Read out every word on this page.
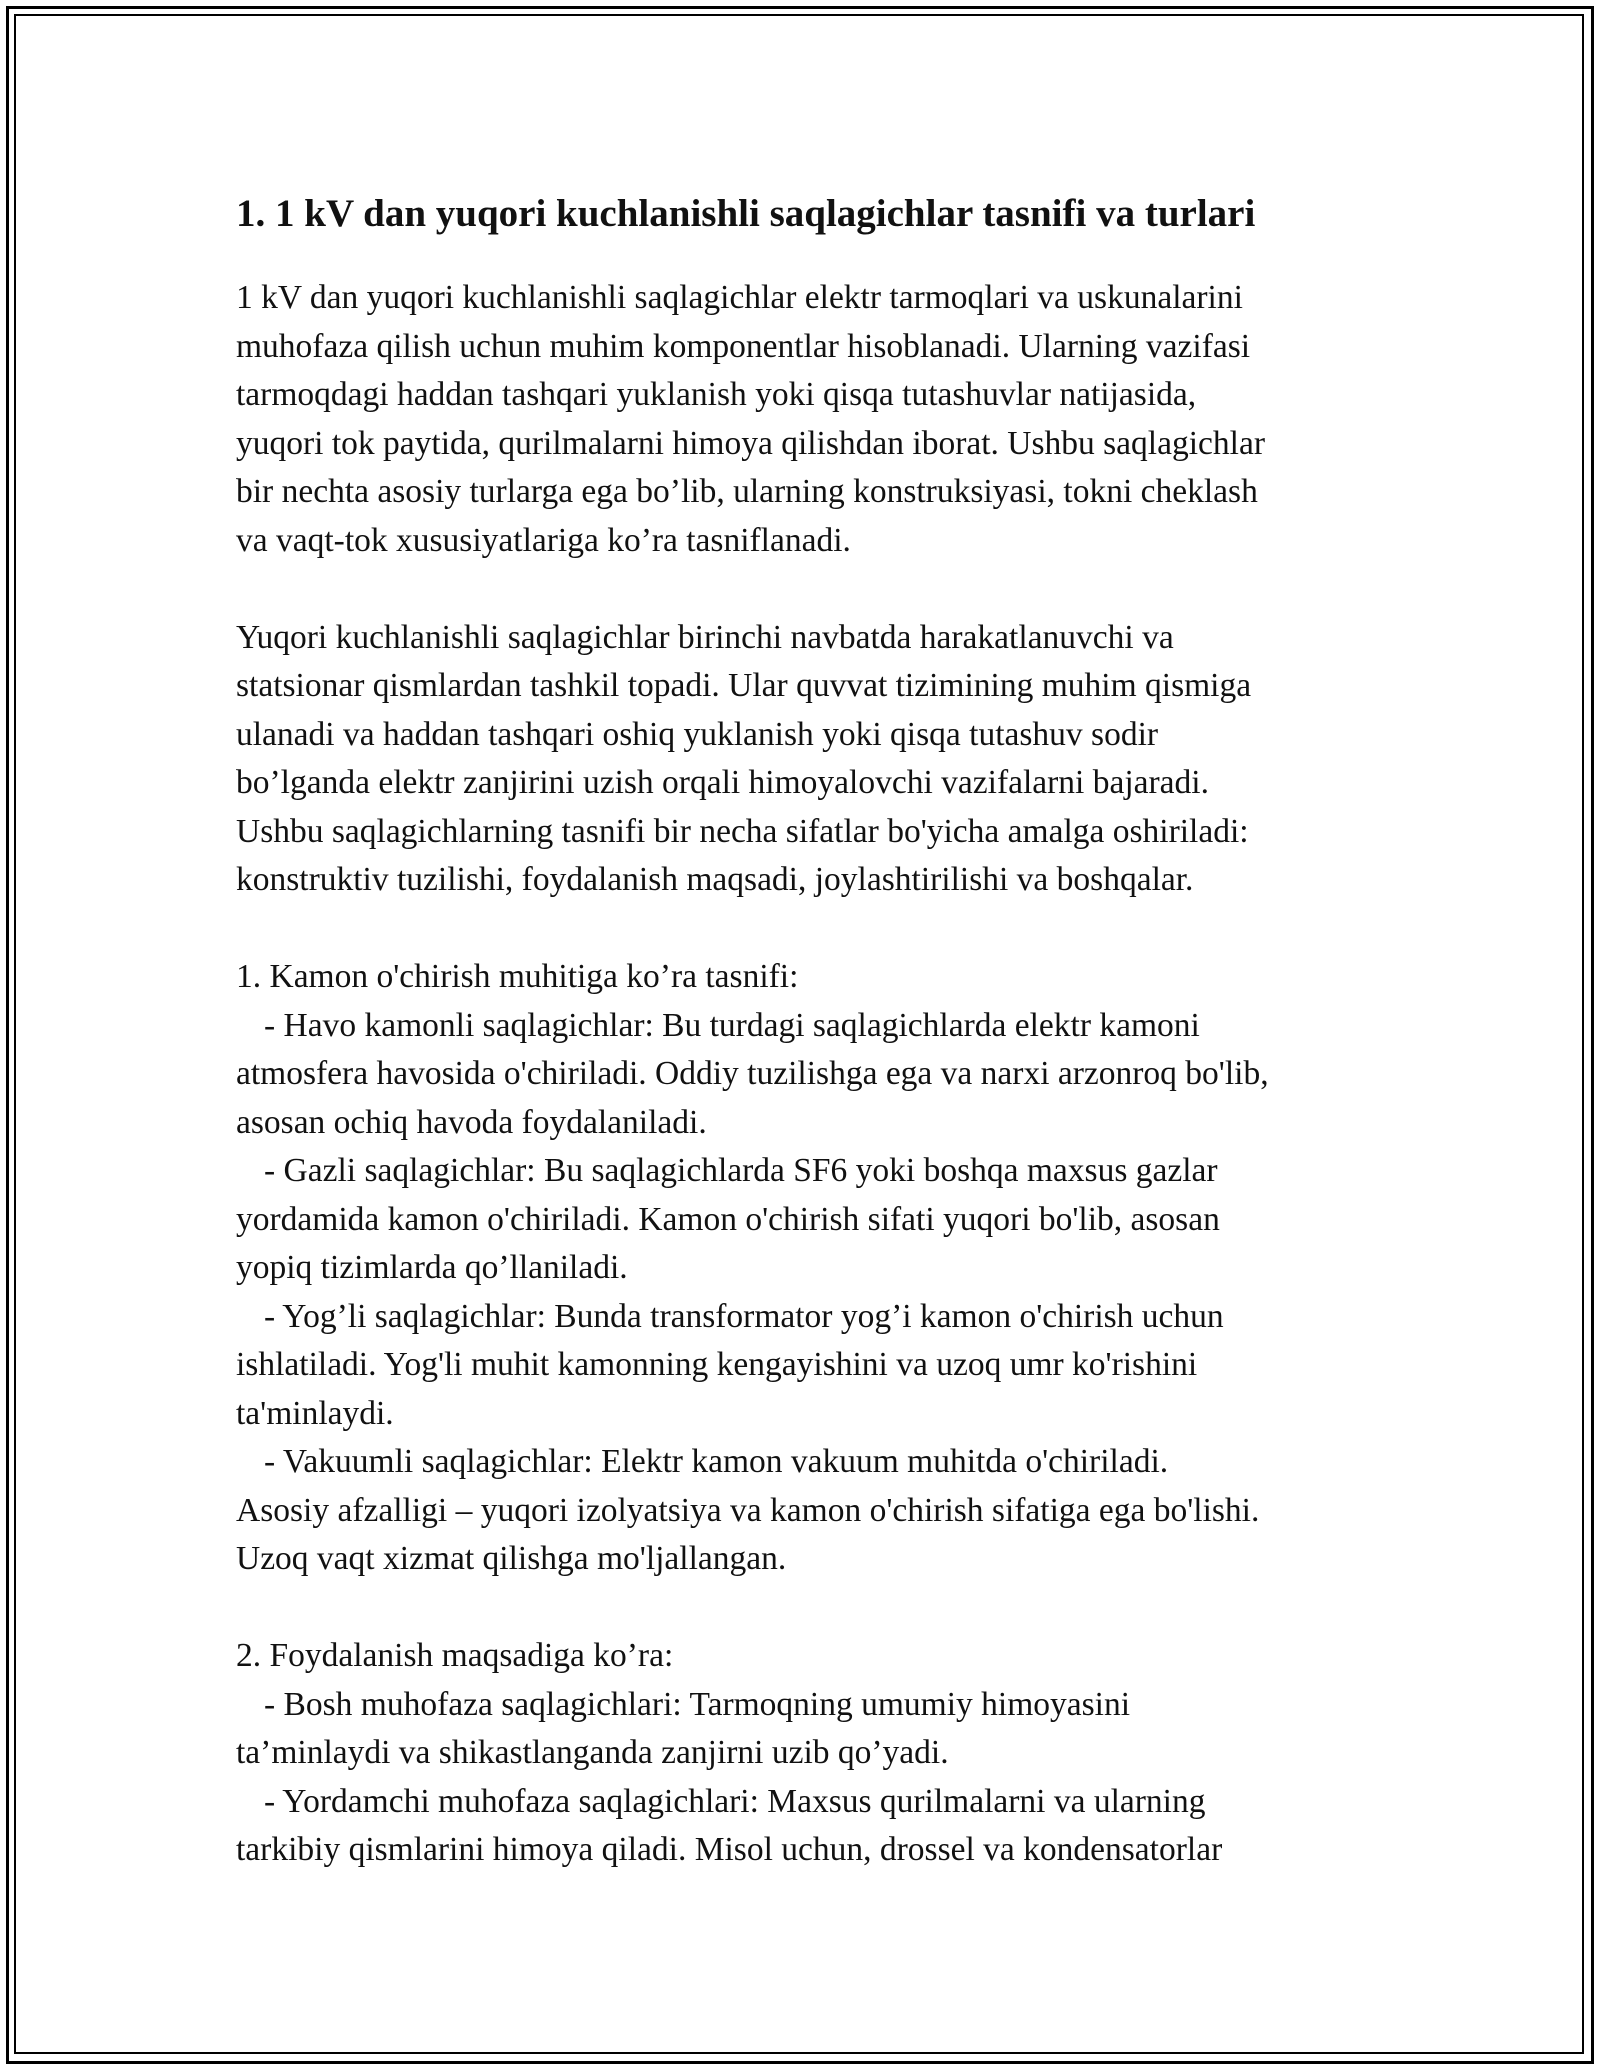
1. 1 kV dan yuqori kuchlanishli saqlagichlar tasnifi va turlari

1 kV dan yuqori kuchlanishli saqlagichlar elektr tarmoqlari va uskunalarini
muhofaza qilish uchun muhim komponentlar hisoblanadi. Ularning vazifasi
tarmoqdagi haddan tashqari yuklanish yoki qisqa tutashuvlar natijasida,
yuqori tok paytida, qurilmalarni himoya qilishdan iborat. Ushbu saqlagichlar
bir nechta asosiy turlarga ega bo’lib, ularning konstruksiyasi, tokni cheklash
va vaqt-tok xususiyatlariga ko’ra tasniflanadi.

Yuqori kuchlanishli saqlagichlar birinchi navbatda harakatlanuvchi va
statsionar qismlardan tashkil topadi. Ular quvvat tizimining muhim qismiga
ulanadi va haddan tashqari oshiq yuklanish yoki qisqa tutashuv sodir
bo’lganda elektr zanjirini uzish orqali himoyalovchi vazifalarni bajaradi.
Ushbu saqlagichlarning tasnifi bir necha sifatlar bo'yicha amalga oshiriladi:
konstruktiv tuzilishi, foydalanish maqsadi, joylashtirilishi va boshqalar.

1. Kamon o'chirish muhitiga ko’ra tasnifi:
- Havo kamonli saqlagichlar: Bu turdagi saqlagichlarda elektr kamoni
atmosfera havosida o'chiriladi. Oddiy tuzilishga ega va narxi arzonroq bo'lib,
asosan ochiq havoda foydalaniladi.
- Gazli saqlagichlar: Bu saqlagichlarda SF6 yoki boshqa maxsus gazlar
yordamida kamon o'chiriladi. Kamon o'chirish sifati yuqori bo'lib, asosan
yopiq tizimlarda qo’llaniladi.
- Yog’li saqlagichlar: Bunda transformator yog’i kamon o'chirish uchun
ishlatiladi. Yog'li muhit kamonning kengayishini va uzoq umr ko'rishini
ta'minlaydi.
- Vakuumli saqlagichlar: Elektr kamon vakuum muhitda o'chiriladi.
Asosiy afzalligi – yuqori izolyatsiya va kamon o'chirish sifatiga ega bo'lishi.
Uzoq vaqt xizmat qilishga mo'ljallangan.

2. Foydalanish maqsadiga ko’ra:
- Bosh muhofaza saqlagichlari: Tarmoqning umumiy himoyasini
ta’minlaydi va shikastlanganda zanjirni uzib qo’yadi.
- Yordamchi muhofaza saqlagichlari: Maxsus qurilmalarni va ularning
tarkibiy qismlarini himoya qiladi. Misol uchun, drossel va kondensatorlar
